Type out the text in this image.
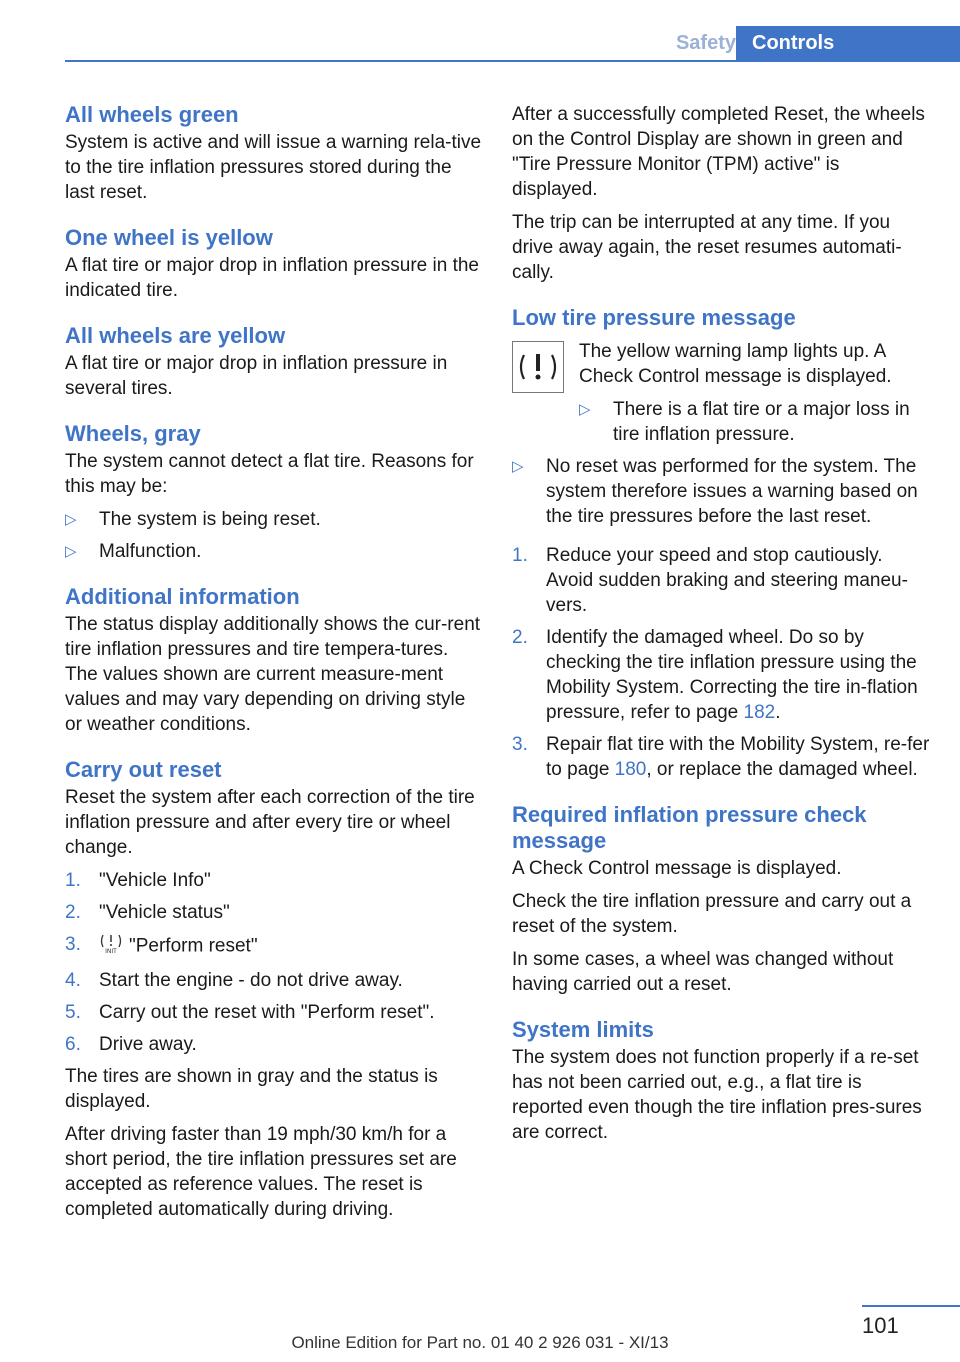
Safety Controls
All wheels green

System is active and will issue a warning rela-tive to the tire inflation pressures stored during the last reset.

One wheel is yellow

A flat tire or major drop in inflation pressure in the indicated tire.

All wheels are yellow

A flat tire or major drop in inflation pressure in several tires.

Wheels, gray

The system cannot detect a flat tire. Reasons for this may be:

▷ The system is being reset.
▷ Malfunction.
Additional information

The status display additionally shows the cur-rent tire inflation pressures and tire tempera-tures. The values shown are current measure-ment values and may vary depending on driving style or weather conditions.

Carry out reset

Reset the system after each correction of the tire inflation pressure and after every tire or wheel change.

1. "Vehicle Info"
2. "Vehicle status"
3.	INIT "Perform reset"
4. Start the engine - do not drive away.
5. Carry out the reset with "Perform reset".
6. Drive away.

The tires are shown in gray and the status is displayed.

After driving faster than 19 mph/30 km/h for a short period, the tire inflation pressures set are accepted as reference values. The reset is completed automatically during driving.

After a successfully completed Reset, the wheels on the Control Display are shown in green and "Tire Pressure Monitor (TPM) active" is displayed.

The trip can be interrupted at any time. If you drive away again, the reset resumes automati-cally.

Low tire pressure message

The yellow warning lamp lights up. A Check Control message is displayed.

▷ There is a flat tire or a major loss in tire inflation pressure.
▷ No reset was performed for the system. The system therefore issues a warning based on the tire pressures before the last reset.
1. Reduce your speed and stop cautiously. Avoid sudden braking and steering maneu-vers.
2. Identify the damaged wheel. Do so by checking the tire inflation pressure using the Mobility System. Correcting the tire in-flation pressure, refer to page 182.
3. Repair flat tire with the Mobility System, re-fer to page 180, or replace the damaged wheel.
Required inflation pressure check message

A Check Control message is displayed.

Check the tire inflation pressure and carry out a reset of the system.

In some cases, a wheel was changed without having carried out a reset.

System limits

The system does not function properly if a re-set has not been carried out, e.g., a flat tire is reported even though the tire inflation pres-sures are correct.

101
Online Edition for Part no. 01 40 2 926 031 - XI/13
